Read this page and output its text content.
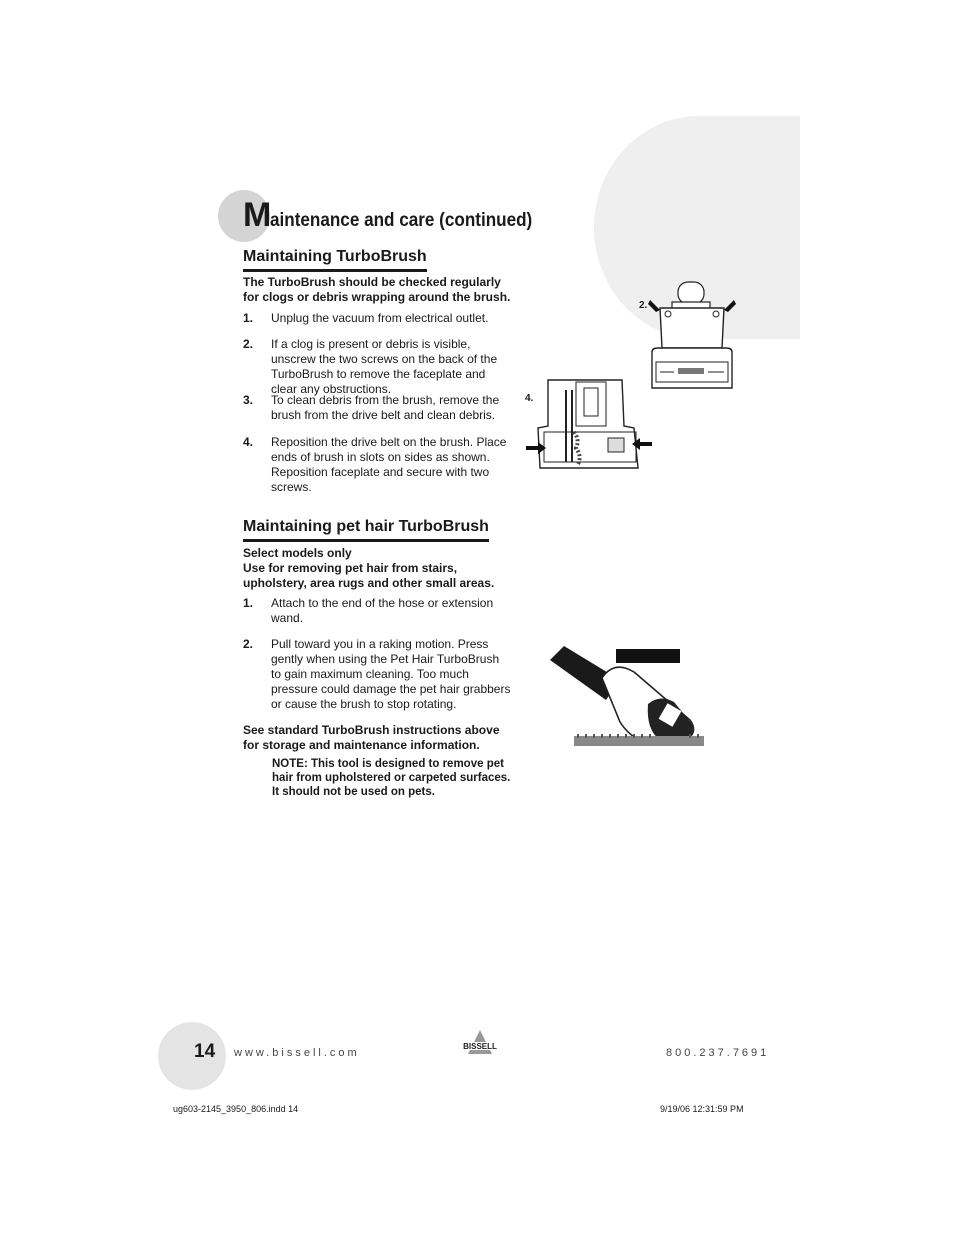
Maintenance and care (continued)
Maintaining TurboBrush

The TurboBrush should be checked regularly for clogs or debris wrapping around the brush.

1. Unplug the vacuum from electrical outlet.
2. If a clog is present or debris is visible, unscrew the two screws on the back of the TurboBrush to remove the faceplate and clear any obstructions.
3. To clean debris from the brush, remove the brush from the drive belt and clean debris.
4. Reposition the drive belt on the brush. Place ends of brush in slots on sides as shown. Reposition faceplate and secure with two screws.
Maintaining pet hair TurboBrush

Select models only

Use for removing pet hair from stairs, upholstery, area rugs and other small areas.

1. Attach to the end of the hose or extension wand.
2. Pull toward you in a raking motion. Press gently when using the Pet Hair TurboBrush to gain maximum cleaning. Too much pressure could damage the pet hair grabbers or cause the brush to stop rotating.

See standard TurboBrush instructions above for storage and maintenance information.

NOTE: This tool is designed to remove pet hair from upholstered or carpeted surfaces. It should not be used on pets.

2.
4.
14 www.bissell.com
BISSELL
800.237.7691
ug603-2145_3950_806.indd 14	9/19/06 12:31:59 PM
